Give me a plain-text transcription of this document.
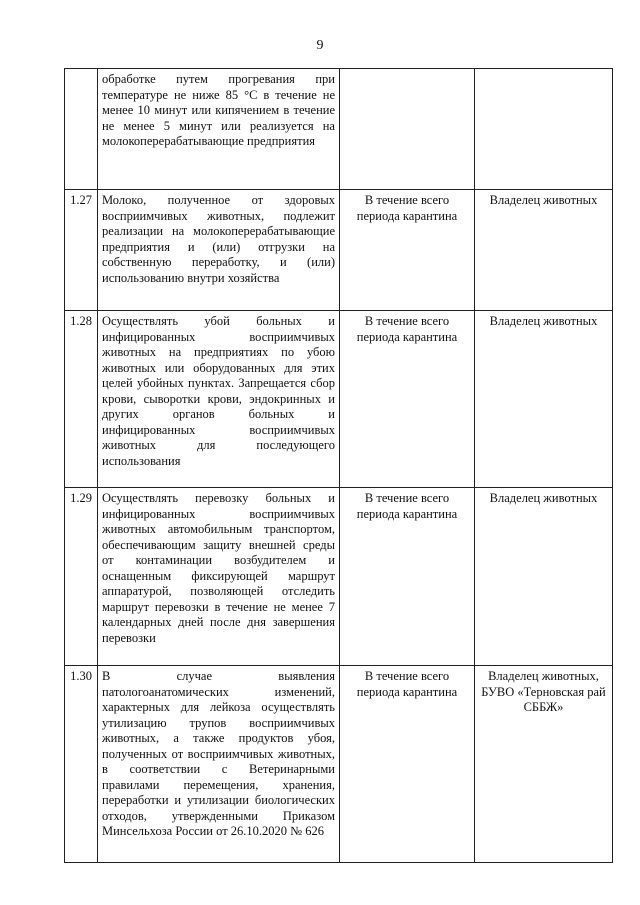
9
	обработке путем прогревания при температуре не ниже 85 °С в течение не менее 10 минут или кипячением в течение не менее 5 минут или реализуется на молокоперерабатывающие предприятия		
1.27	Молоко, полученное от здоровых восприимчивых животных, подлежит реализации на молокоперерабатывающие предприятия и (или) отгрузки на собственную переработку, и (или) использованию внутри хозяйства	В течение всего периода карантина	Владелец животных
1.28	Осуществлять убой больных и инфицированных восприимчивых животных на предприятиях по убою животных или оборудованных для этих целей убойных пунктах. Запрещается сбор крови, сыворотки крови, эндокринных и других органов больных и инфицированных восприимчивых животных для последующего использования	В течение всего периода карантина	Владелец животных
1.29	Осуществлять перевозку больных и инфицированных восприимчивых животных автомобильным транспортом, обеспечивающим защиту внешней среды от контаминации возбудителем и оснащенным фиксирующей маршрут аппаратурой, позволяющей отследить маршрут перевозки в течение не менее 7 календарных дней после дня завершения перевозки	В течение всего периода карантина	Владелец животных
1.30	В случае выявления патологоанатомических изменений, характерных для лейкоза осуществлять утилизацию трупов восприимчивых животных, а также продуктов убоя, полученных от восприимчивых животных, в соответствии с Ветеринарными правилами перемещения, хранения, переработки и утилизации биологических отходов, утвержденными Приказом Минсельхоза России от 26.10.2020 № 626	В течение всего периода карантина	Владелец животных, БУВО «Терновская рай СББЖ»
